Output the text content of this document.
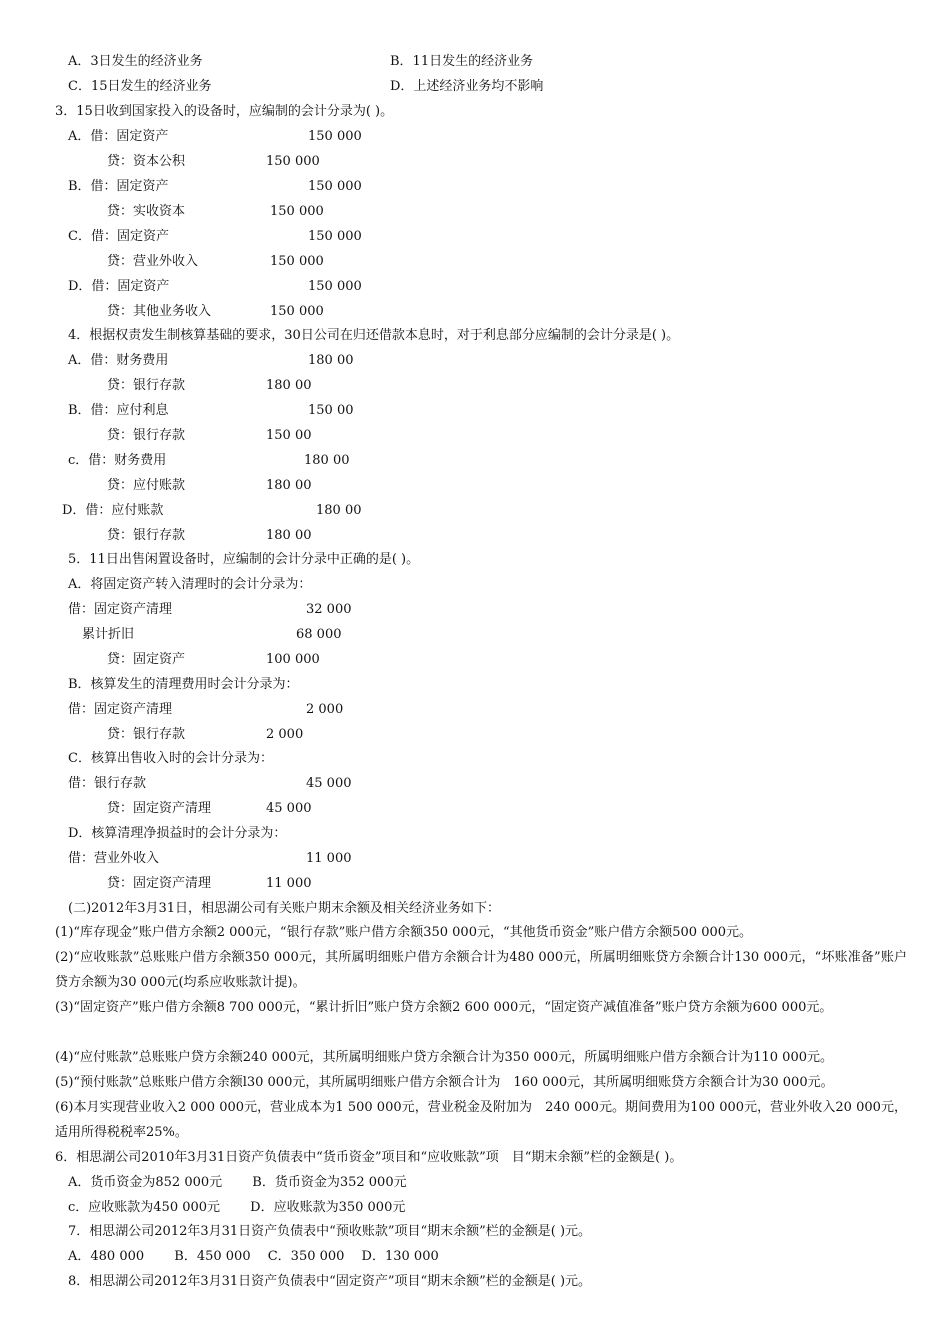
A．3日发生的经济业务	B．11日发生的经济业务
C．15日发生的经济业务	D．上述经济业务均不影响
3．15日收到国家投入的设备时，应编制的会计分录为( )。
A．借：固定资产	150 000
贷：资本公积	150 000
B．借：固定资产	150 000
贷：实收资本	150 000
C．借：固定资产	150 000
贷：营业外收入	150 000
D．借：固定资产	150 000
贷：其他业务收入	150 000
4．根据权责发生制核算基础的要求，30日公司在归还借款本息时，对于利息部分应编制的会计分录是( )。
A．借：财务费用	180 00
贷：银行存款	180 00
B．借：应付利息	150 00
贷：银行存款	150 00
c．借：财务费用	180 00
贷：应付账款	180 00
D．借：应付账款	180 00
贷：银行存款	180 00
5．11日出售闲置设备时，应编制的会计分录中正确的是( )。
A．将固定资产转入清理时的会计分录为：
借：固定资产清理	32 000
累计折旧	68 000
贷：固定资产	100 000
B．核算发生的清理费用时会计分录为：
借：固定资产清理	2 000
贷：银行存款	2 000
C．核算出售收入时的会计分录为：
借：银行存款	45 000
贷：固定资产清理	45 000
D．核算清理净损益时的会计分录为：
借：营业外收入	11 000
贷：固定资产清理	11 000
(二)2012年3月31日，相思湖公司有关账户期末余额及相关经济业务如下：
(1)“库存现金”账户借方余额2 000元，“银行存款”账户借方余额350 000元，“其他货币资金”账户借方余额500 000元。
(2)“应收账款”总账账户借方余额350 000元，其所属明细账户借方余额合计为480 000元，所属明细账贷方余额合计130 000元，“坏账准备”账户贷方余额为30 000元(均系应收账款计提)。
(3)“固定资产”账户借方余额8 700 000元，“累计折旧”账户贷方余额2 600 000元，“固定资产减值准备”账户贷方余额为600 000元。
(4)“应付账款”总账账户贷方余额240 000元，其所属明细账户贷方余额合计为350 000元，所属明细账户借方余额合计为110 000元。
(5)“预付账款”总账账户借方余额l30 000元，其所属明细账户借方余额合计为　160 000元，其所属明细账贷方余额合计为30 000元。
(6)本月实现营业收入2 000 000元，营业成本为1 500 000元，营业税金及附加为　240 000元。期间费用为100 000元，营业外收入20 000元，适用所得税税率25%。
6．相思湖公司2010年3月31日资产负债表中“货币资金”项目和“应收账款”项　目“期末余额”栏的金额是( )。
A．货币资金为852 000元　　 B．货币资金为352 000元
c．应收账款为450 000元　　 D．应收账款为350 000元
7．相思湖公司2012年3月31日资产负债表中“预收账款”项目“期末余额”栏的金额是( )元。
A．480 000　　 B．450 000　 C．350 000　 D．130 000
8．相思湖公司2012年3月31日资产负债表中“固定资产”项目“期末余额”栏的金额是( )元。
